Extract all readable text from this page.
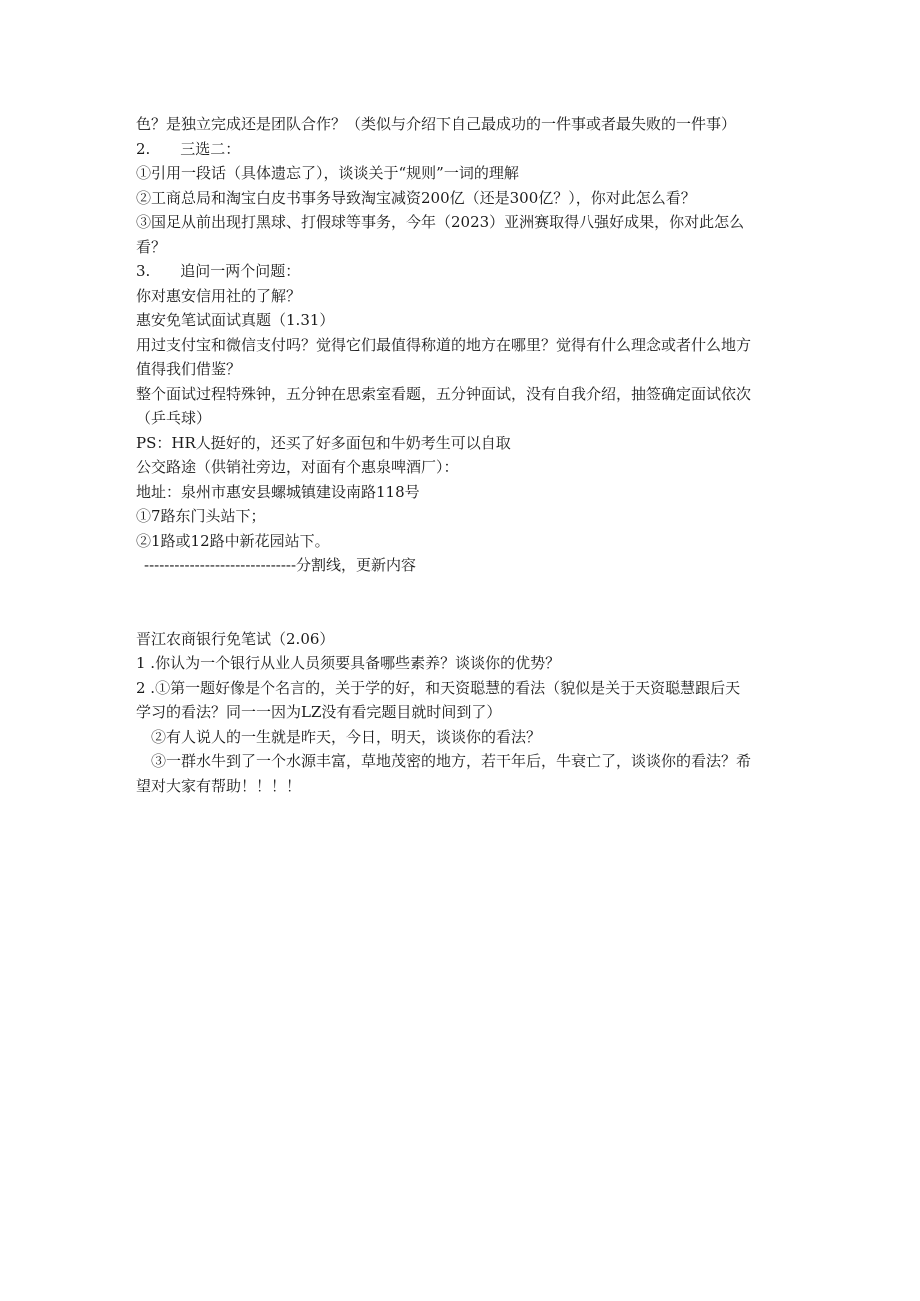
色？是独立完成还是团队合作？（类似与介绍下自己最成功的一件事或者最失败的一件事）
2.　　三选二：
①引用一段话（具体遗忘了），谈谈关于“规则”一词的理解
②工商总局和淘宝白皮书事务导致淘宝减资200亿（还是300亿？），你对此怎么看？
③国足从前出现打黑球、打假球等事务，今年（2023）亚洲赛取得八强好成果，你对此怎么
看？
3.　　追问一两个问题：
你对惠安信用社的了解？
惠安免笔试面试真题（1.31）
用过支付宝和微信支付吗？觉得它们最值得称道的地方在哪里？觉得有什么理念或者什么地方
值得我们借鉴？
整个面试过程特殊钟，五分钟在思索室看题，五分钟面试，没有自我介绍，抽签确定面试依次
（乒乓球）
PS：HR人挺好的，还买了好多面包和牛奶考生可以自取
公交路途（供销社旁边，对面有个惠泉啤酒厂）：
地址：泉州市惠安县螺城镇建设南路118号
①7路东门头站下；
②1路或12路中新花园站下。
------------------------------分割线，更新内容
晋江农商银行免笔试（2.06）
1 .你认为一个银行从业人员须要具备哪些素养？谈谈你的优势？
2 .①第一题好像是个名言的，关于学的好，和天资聪慧的看法（貌似是关于天资聪慧跟后天
学习的看法？同一一因为LZ没有看完题目就时间到了）
　②有人说人的一生就是昨天，今日，明天，谈谈你的看法？
　③一群水牛到了一个水源丰富，草地茂密的地方，若干年后，牛衰亡了，谈谈你的看法？希
望对大家有帮助！！！！
